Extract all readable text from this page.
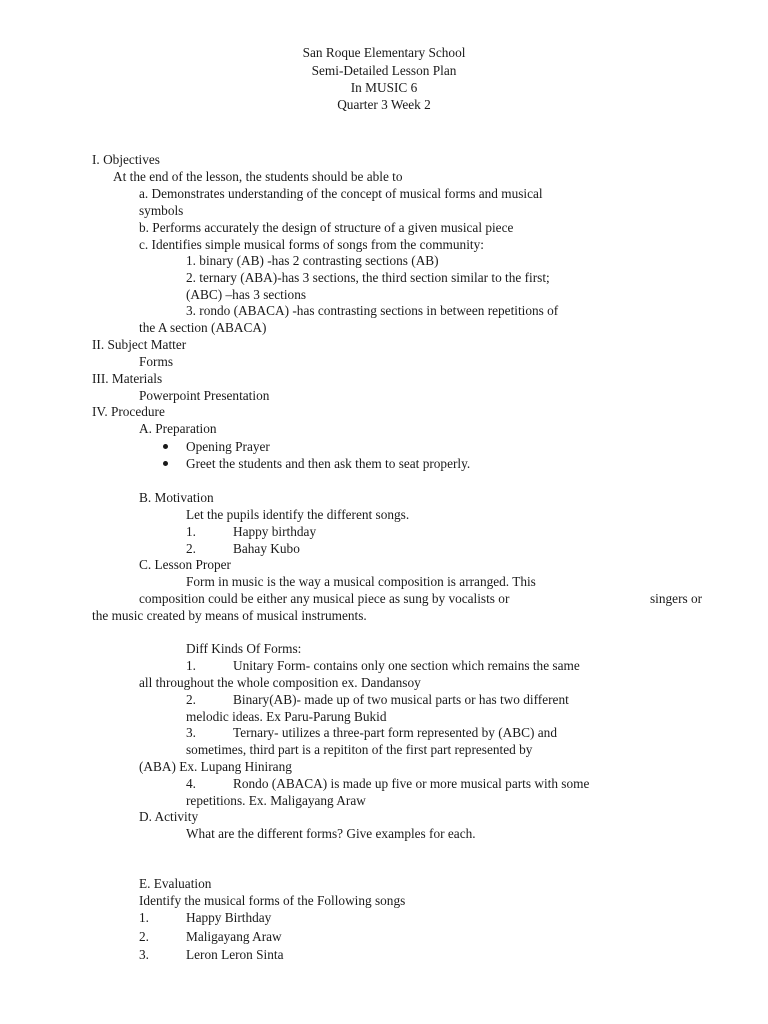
San Roque Elementary School
Semi-Detailed Lesson Plan
In MUSIC 6
Quarter 3 Week 2
I. Objectives
At the end of the lesson, the students should be able to
a. Demonstrates understanding of the concept of musical forms and musical
symbols
b. Performs accurately the design of structure of a given musical piece
c. Identifies simple musical forms of songs from the community:
1. binary (AB) -has 2 contrasting sections (AB)
2. ternary (ABA)-has 3 sections, the third section similar to the first;
(ABC) –has 3 sections
3. rondo (ABACA) -has contrasting sections in between repetitions of
the A section (ABACA)
II. Subject Matter
Forms
III. Materials
Powerpoint Presentation
IV. Procedure
A. Preparation
Opening Prayer
Greet the students and then ask them to seat properly.
B. Motivation
Let the pupils identify the different songs.
1.	Happy birthday
2.	Bahay Kubo
C. Lesson Proper
Form in music is the way a musical composition is arranged. This
composition could be either any musical piece as sung by vocalists or	singers or
the music created by means of musical instruments.
Diff Kinds Of Forms:
1.	Unitary Form- contains only one section which remains the same
all throughout the whole composition ex. Dandansoy
2.	Binary(AB)- made up of two musical parts or has two different
melodic ideas. Ex Paru-Parung Bukid
3.	Ternary- utilizes a three-part form represented by (ABC) and
sometimes, third part is a repititon of the first part represented by
(ABA) Ex. Lupang Hinirang
4.	Rondo (ABACA) is made up five or more musical parts with some
repetitions. Ex. Maligayang Araw
D. Activity
What are the different forms? Give examples for each.
E. Evaluation
Identify the musical forms of the Following songs
1.	Happy Birthday
2.	Maligayang Araw
3.	Leron Leron Sinta
